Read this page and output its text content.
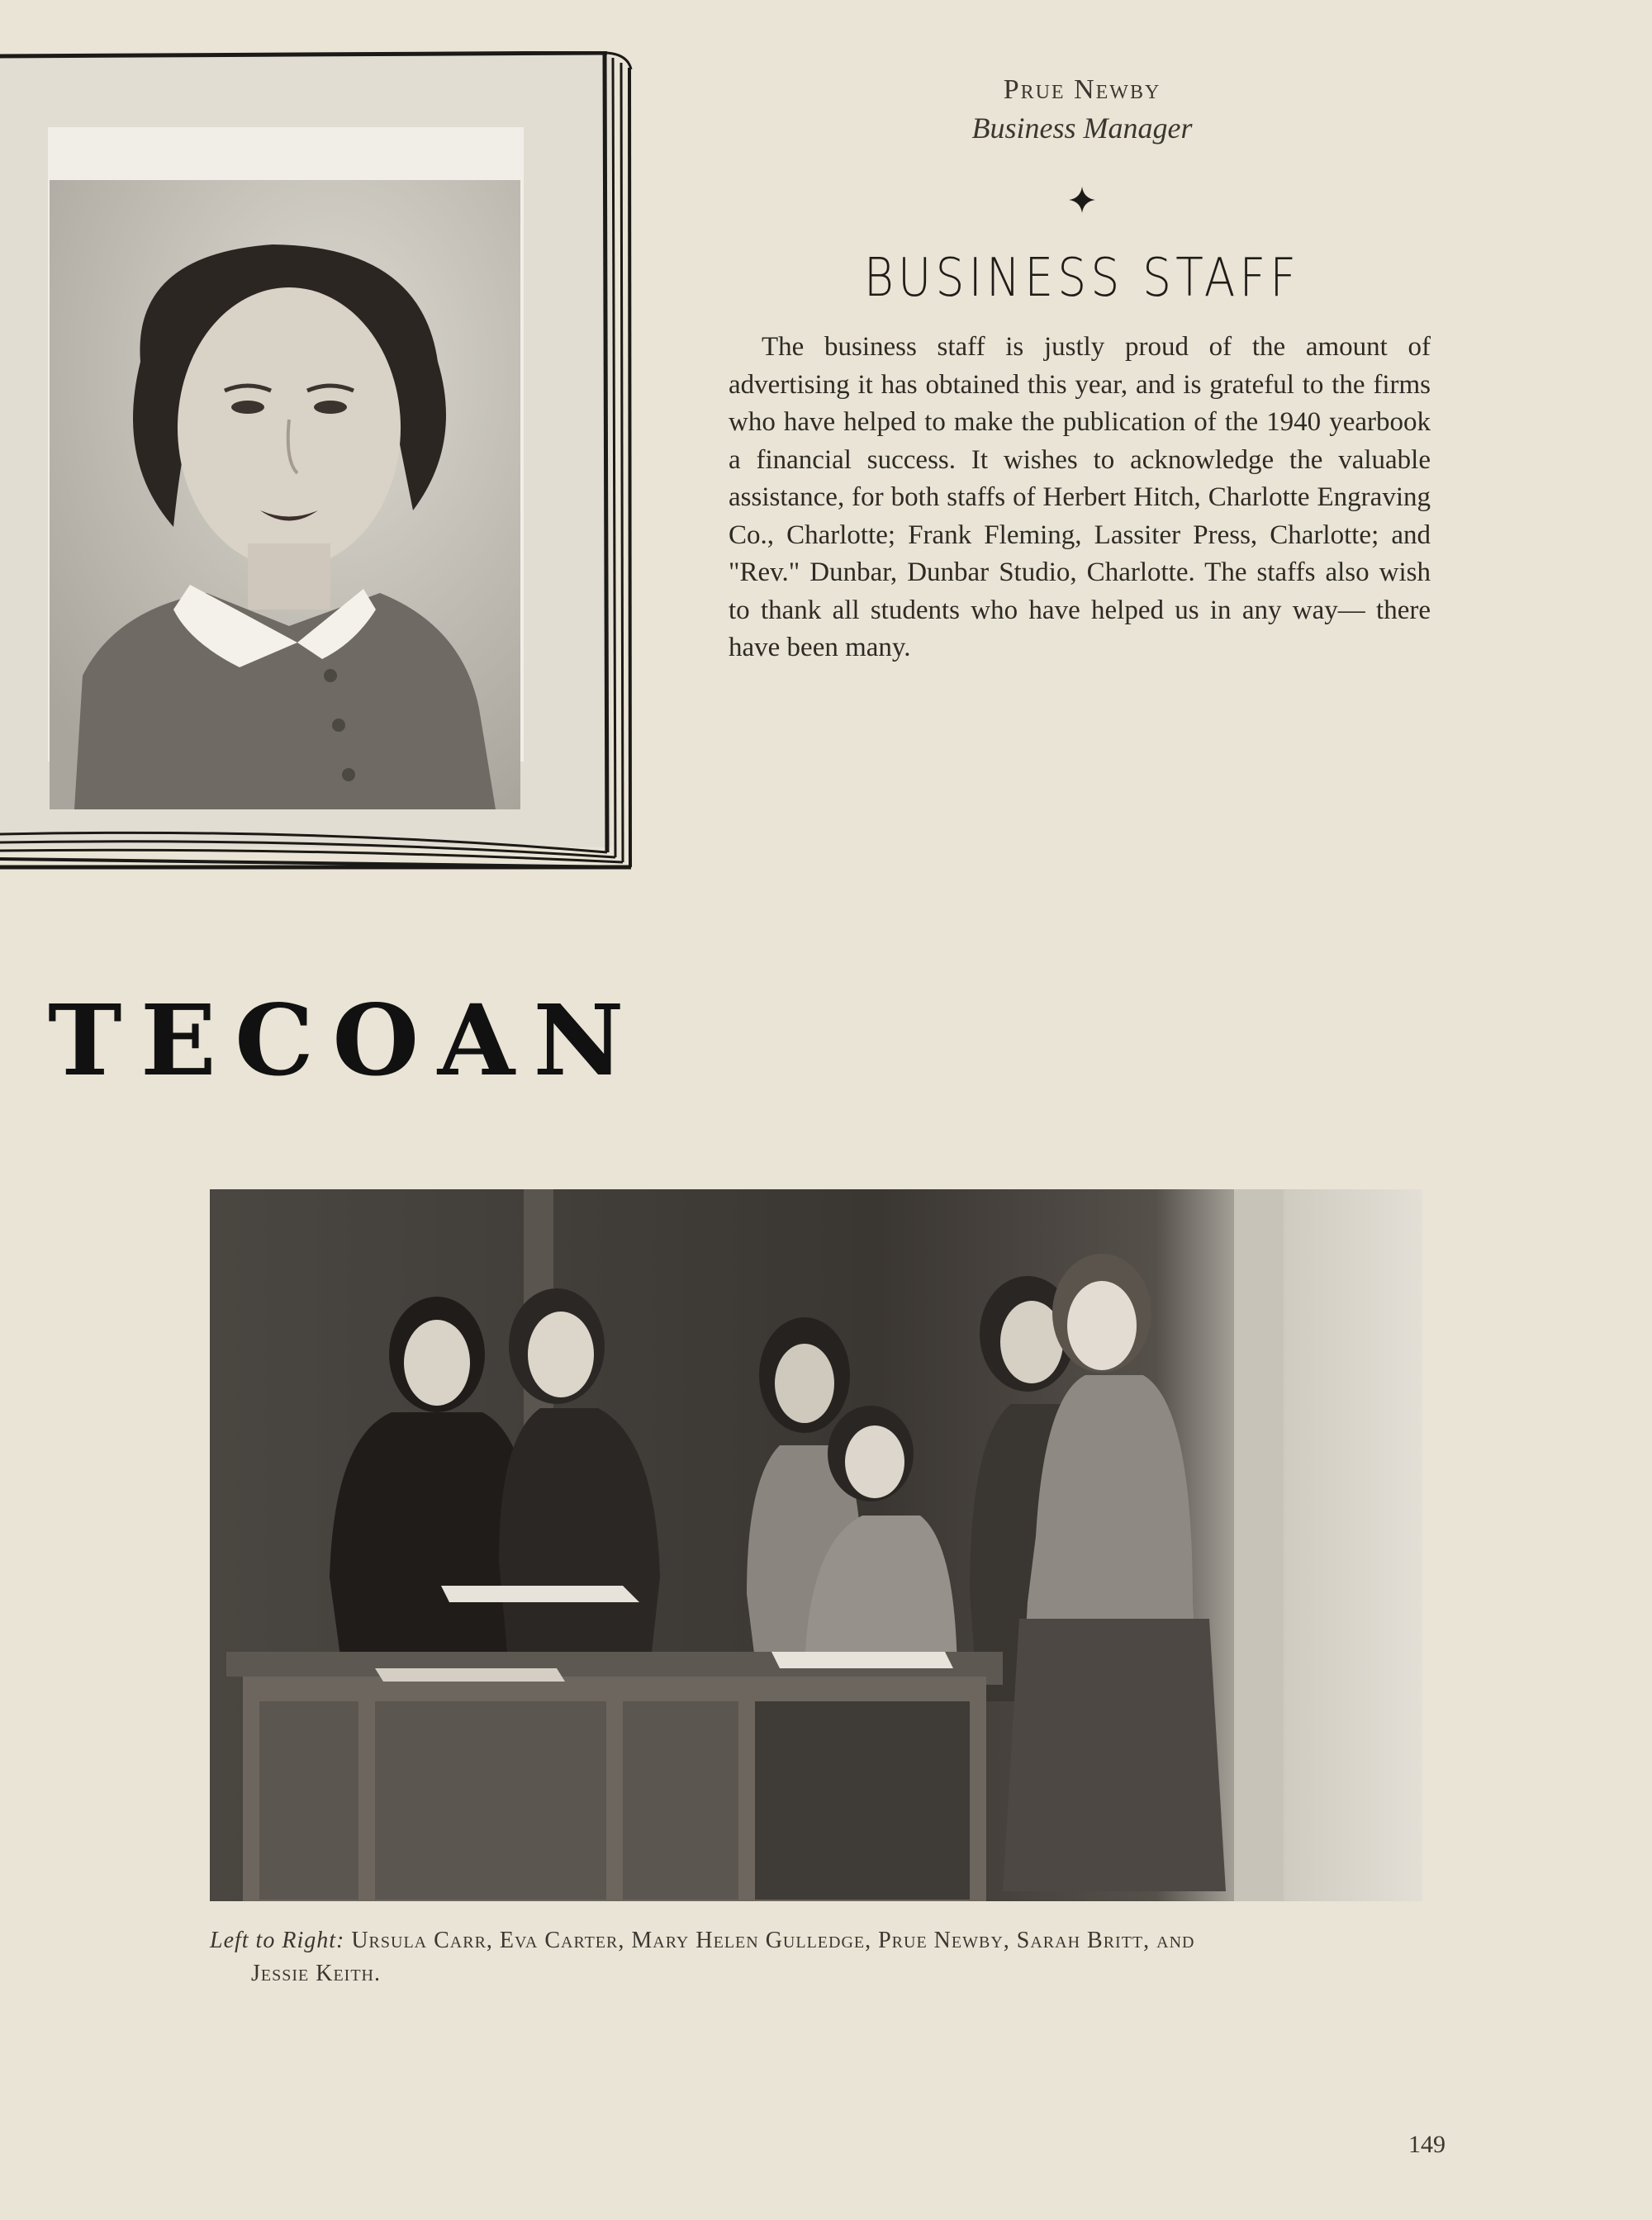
Prue Newby
Business Manager
BUSINESS STAFF
The business staff is justly proud of the amount of advertising it has obtained this year, and is grateful to the firms who have helped to make the publication of the 1940 yearbook a financial success. It wishes to acknowledge the valuable assistance, for both staffs of Herbert Hitch, Charlotte Engraving Co., Charlotte; Frank Fleming, Lassiter Press, Charlotte; and "Rev." Dunbar, Dunbar Studio, Charlotte. The staffs also wish to thank all students who have helped us in any way— there have been many.
TECOAN
Left to Right: Ursula Carr, Eva Carter, Mary Helen Gulledge, Prue Newby, Sarah Britt, and
Jessie Keith.
149
